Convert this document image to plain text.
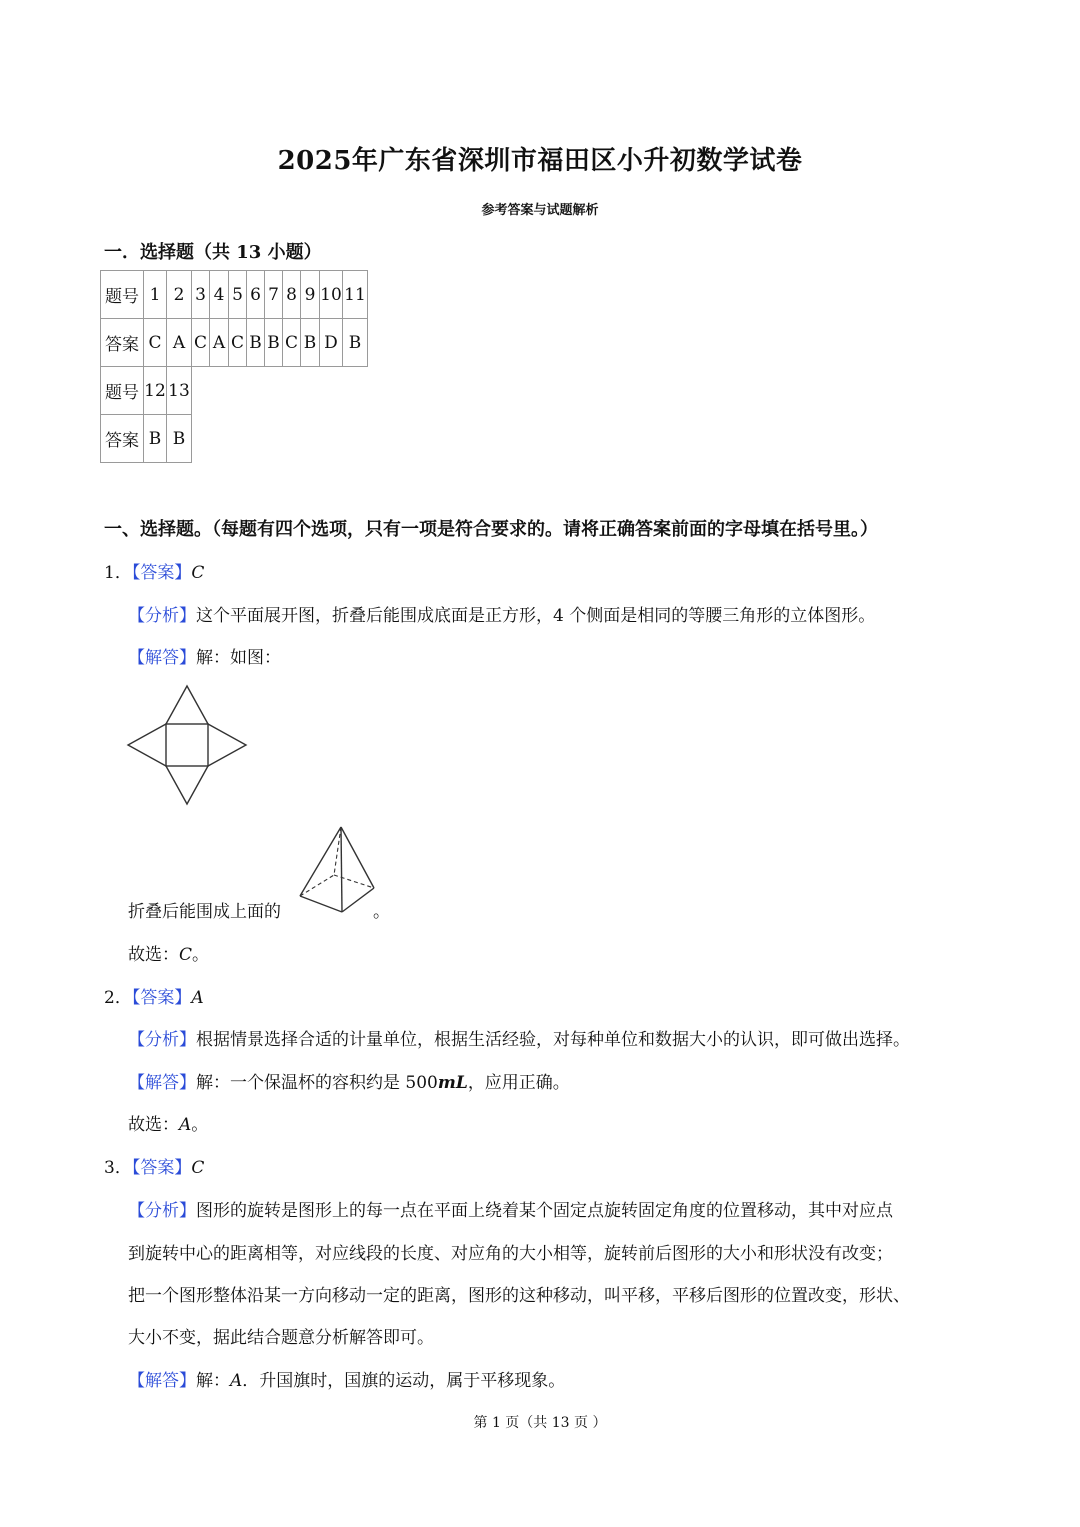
2025年广东省深圳市福田区小升初数学试卷
参考答案与试题解析
一．选择题（共 13 小题）
题号	1	2	3	4	5	6	7	8	9	10	11
答案	C	A	C	A	C	B	B	C	B	D	B
题号	12	13
答案	B	B
一、选择题。（每题有四个选项，只有一项是符合要求的。请将正确答案前面的字母填在括号里。）
1．【答案】C
【分析】这个平面展开图，折叠后能围成底面是正方形，4 个侧面是相同的等腰三角形的立体图形。
【解答】解：如图：
折叠后能围成上面的	。
故选：C。
2．【答案】A
【分析】根据情景选择合适的计量单位，根据生活经验，对每种单位和数据大小的认识，即可做出选择。
【解答】解：一个保温杯的容积约是 500mL，应用正确。
故选：A。
3．【答案】C
【分析】图形的旋转是图形上的每一点在平面上绕着某个固定点旋转固定角度的位置移动，其中对应点
到旋转中心的距离相等，对应线段的长度、对应角的大小相等，旋转前后图形的大小和形状没有改变；
把一个图形整体沿某一方向移动一定的距离，图形的这种移动，叫平移，平移后图形的位置改变，形状、
大小不变，据此结合题意分析解答即可。
【解答】解：A．升国旗时，国旗的运动，属于平移现象。
第 1 页（共 13 页 ）
